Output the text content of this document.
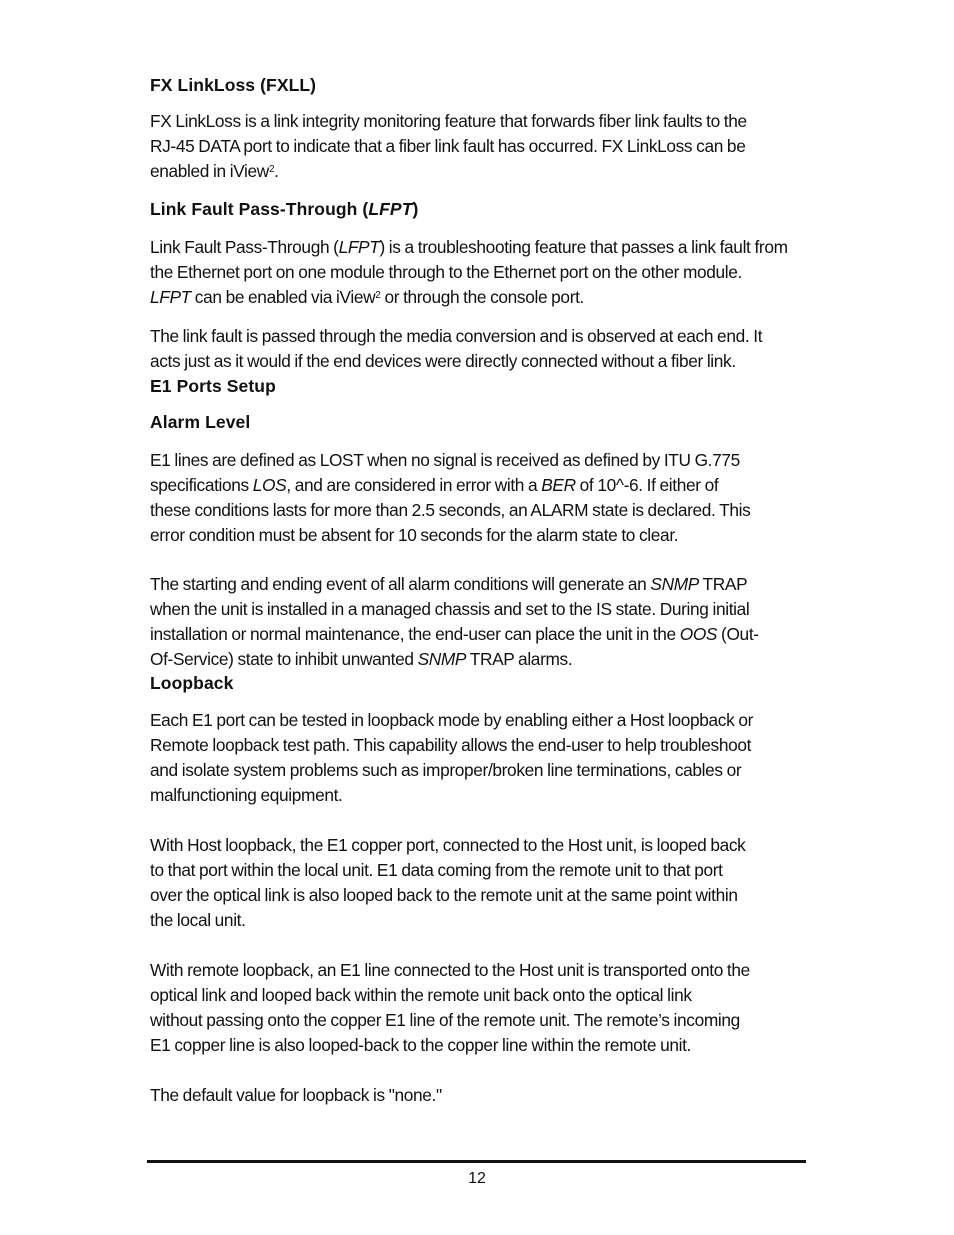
FX LinkLoss (FXLL)
FX LinkLoss is a link integrity monitoring feature that forwards fiber link faults to the
RJ-45 DATA port to indicate that a fiber link fault has occurred. FX LinkLoss can be
enabled in iView$^2$.
Link Fault Pass-Through (LFPT)
Link Fault Pass-Through (LFPT) is a troubleshooting feature that passes a link fault from
the Ethernet port on one module through to the Ethernet port on the other module.
LFPT can be enabled via iView$^2$ or through the console port.
The link fault is passed through the media conversion and is observed at each end. It
acts just as it would if the end devices were directly connected without a fiber link.
E1 Ports Setup
Alarm Level
E1 lines are defined as LOST when no signal is received as defined by ITU G.775
specifications LOS, and are considered in error with a BER of 10^-6. If either of
these conditions lasts for more than 2.5 seconds, an ALARM state is declared. This
error condition must be absent for 10 seconds for the alarm state to clear.
The starting and ending event of all alarm conditions will generate an SNMP TRAP
when the unit is installed in a managed chassis and set to the IS state. During initial
installation or normal maintenance, the end-user can place the unit in the OOS (Out-
Of-Service) state to inhibit unwanted SNMP TRAP alarms.
Loopback
Each E1 port can be tested in loopback mode by enabling either a Host loopback or
Remote loopback test path. This capability allows the end-user to help troubleshoot
and isolate system problems such as improper/broken line terminations, cables or
malfunctioning equipment.
With Host loopback, the E1 copper port, connected to the Host unit, is looped back
to that port within the local unit. E1 data coming from the remote unit to that port
over the optical link is also looped back to the remote unit at the same point within
the local unit.
With remote loopback, an E1 line connected to the Host unit is transported onto the
optical link and looped back within the remote unit back onto the optical link
without passing onto the copper E1 line of the remote unit. The remote’s incoming
E1 copper line is also looped-back to the copper line within the remote unit.
The default value for loopback is "none."
12
